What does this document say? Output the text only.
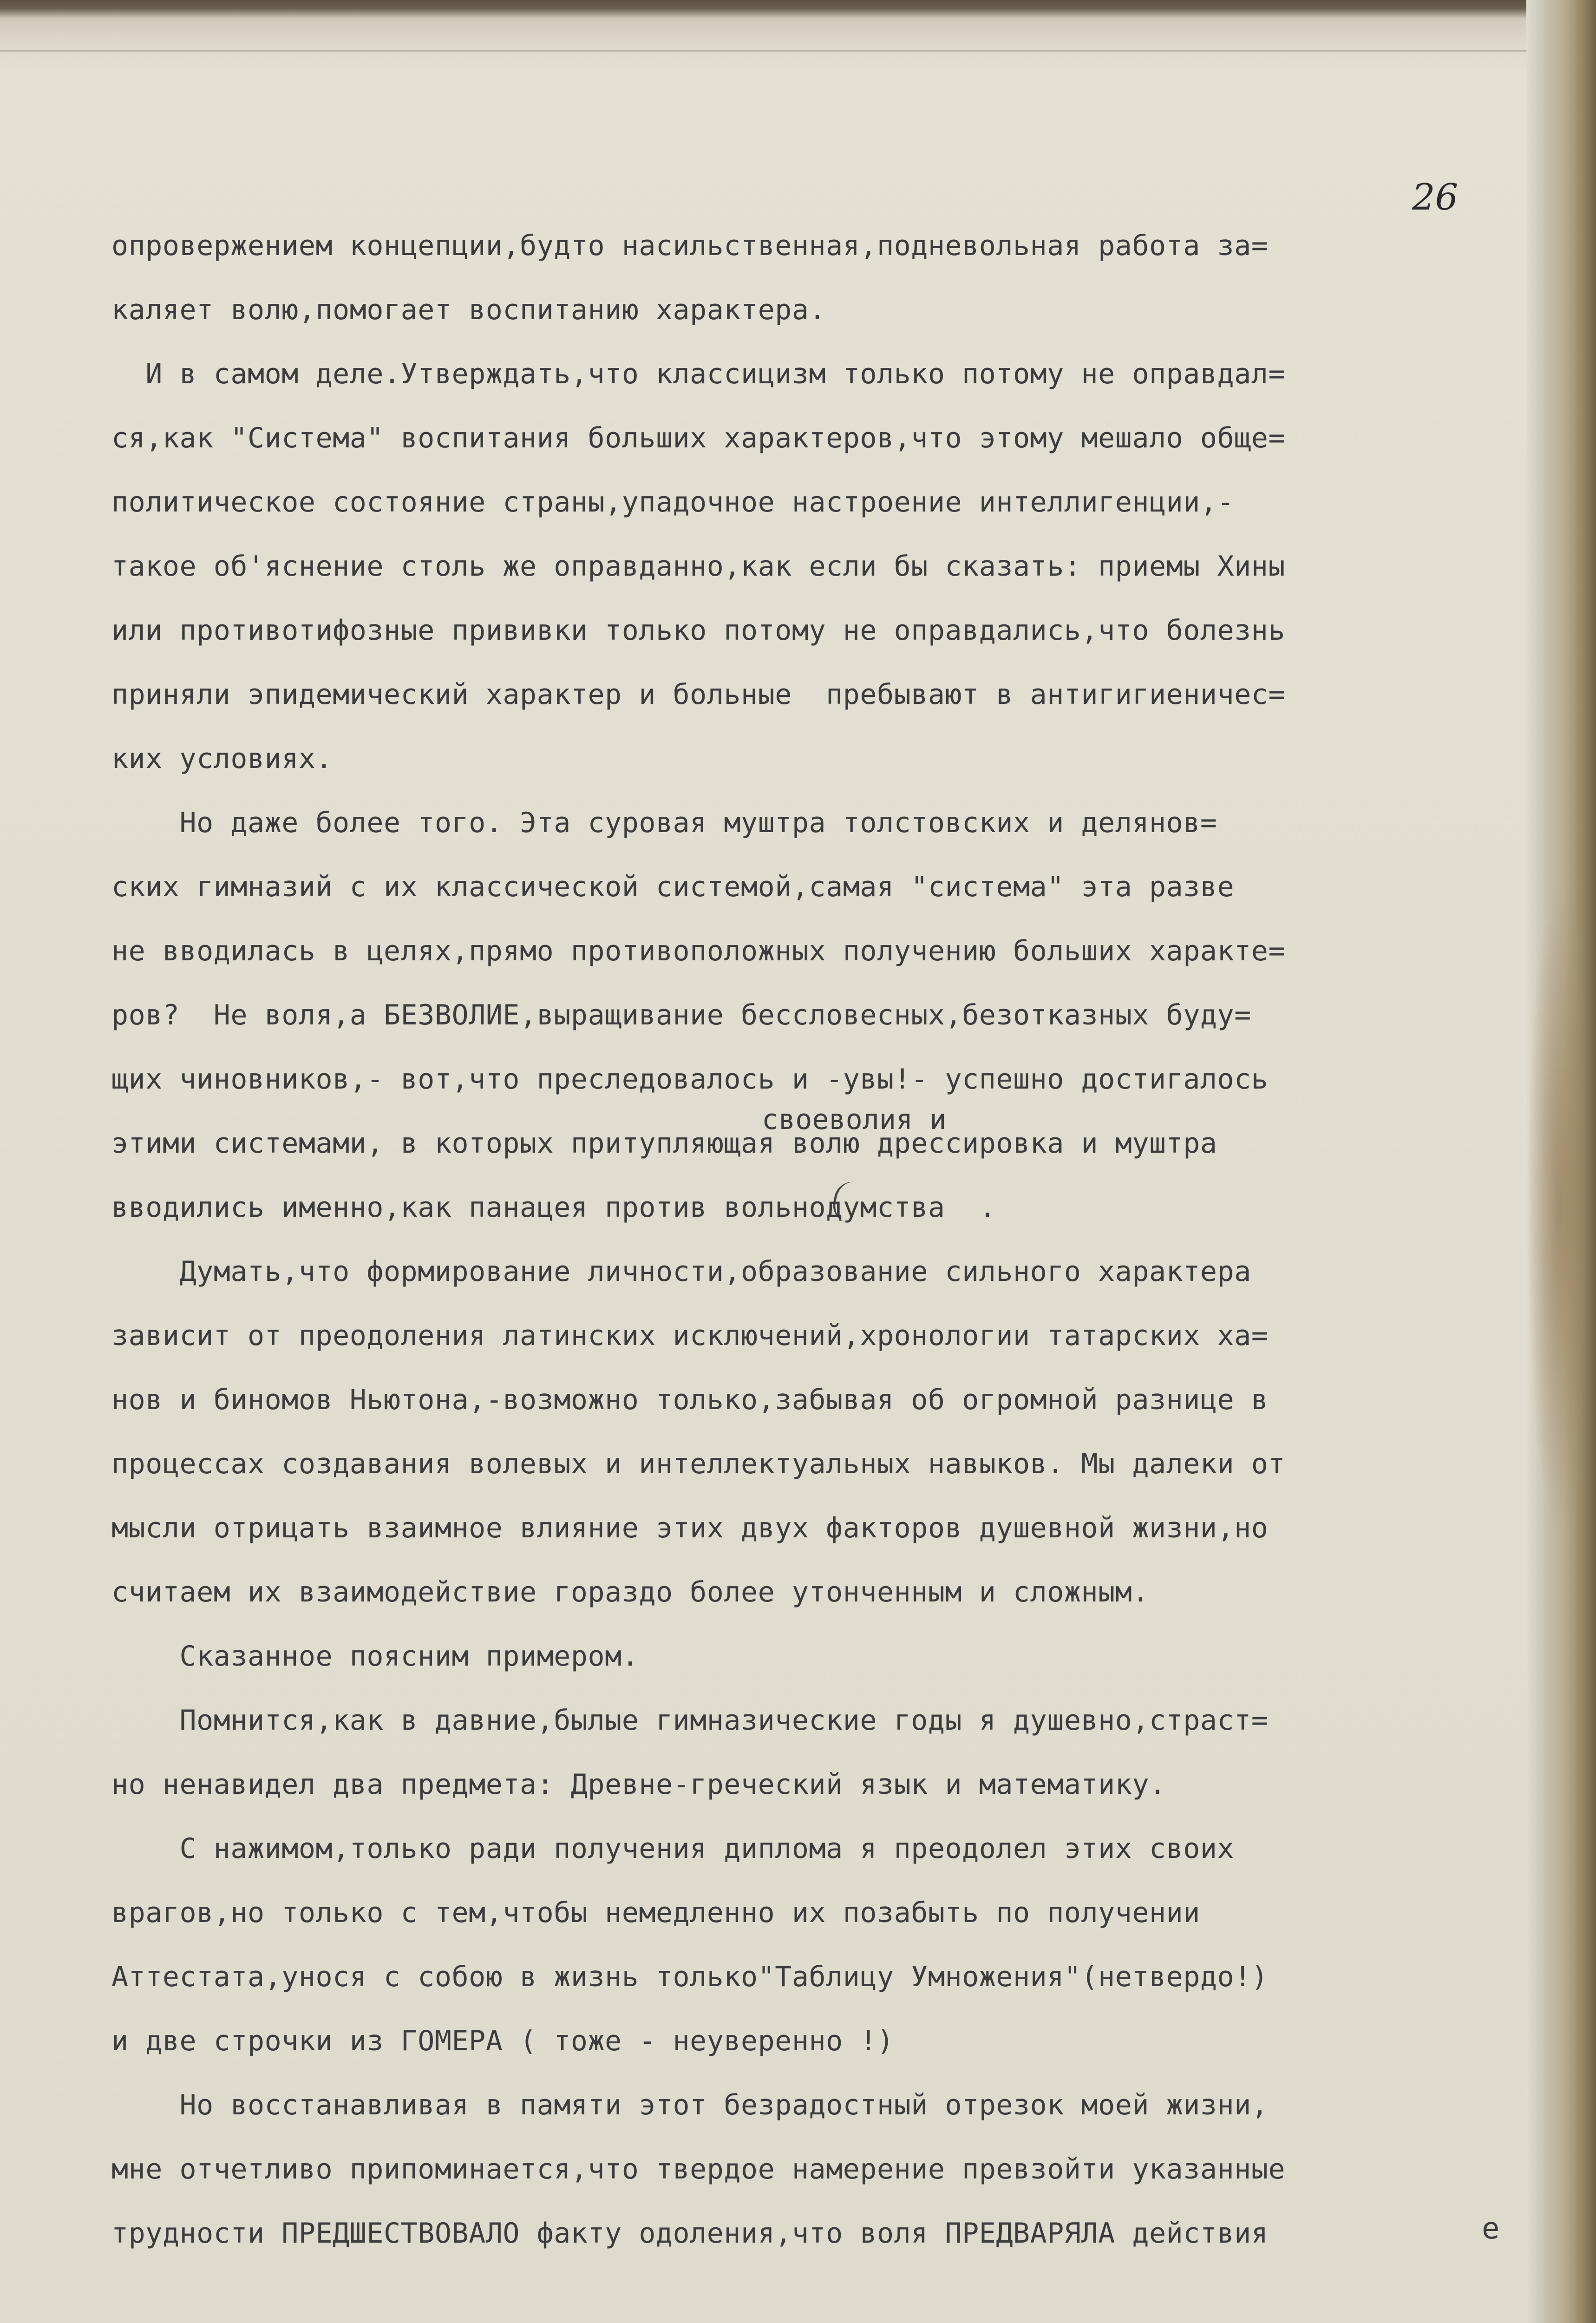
26
своеволия и
опровержением концепции,будто насильственная,подневольная работа за=
каляет волю,помогает воспитанию характера.
И в самом деле.Утверждать,что классицизм только потому не оправдал=
ся,как "Система" воспитания больших характеров,что этому мешало обще=
политическое состояние страны,упадочное настроение интеллигенции,-
такое об'яснение столь же оправданно,как если бы сказать: приемы Хины
или противотифозные прививки только потому не оправдались,что болезнь
приняли эпидемический характер и больные  пребывают в антигигиеничес=
ких условиях.
Но даже более того. Эта суровая муштра толстовских и делянов=
ских гимназий с их классической системой,самая "система" эта разве
не вводилась в целях,прямо противоположных получению больших характе=
ров?  Не воля,а БЕЗВОЛИЕ,выращивание бессловесных,безотказных буду=
щих чиновников,- вот,что преследовалось и -увы!- успешно достигалось
этими системами, в которых притупляющая волю дрессировка и муштра
вводились именно,как панацея против вольнодумства  .
Думать,что формирование личности,образование сильного характера
зависит от преодоления латинских исключений,хронологии татарских ха=
нов и биномов Ньютона,-возможно только,забывая об огромной разнице в
процессах создавания волевых и интеллектуальных навыков. Мы далеки от
мысли отрицать взаимное влияние этих двух факторов душевной жизни,но
считаем их взаимодействие гораздо более утонченным и сложным.
Сказанное поясним примером.
Помнится,как в давние,былые гимназические годы я душевно,страст=
но ненавидел два предмета: Древне-греческий язык и математику.
С нажимом,только ради получения диплома я преодолел этих своих
врагов,но только с тем,чтобы немедленно их позабыть по получении
Аттестата,унося с собою в жизнь только"Таблицу Умножения"(нетвердо!)
и две строчки из ГОМЕРА ( тоже - неуверенно !)
Но восстанавливая в памяти этот безрадостный отрезок моей жизни,
мне отчетливо припоминается,что твердое намерение превзойти указанные
трудности ПРЕДШЕСТВОВАЛО факту одоления,что воля ПРЕДВАРЯЛА действия	е
